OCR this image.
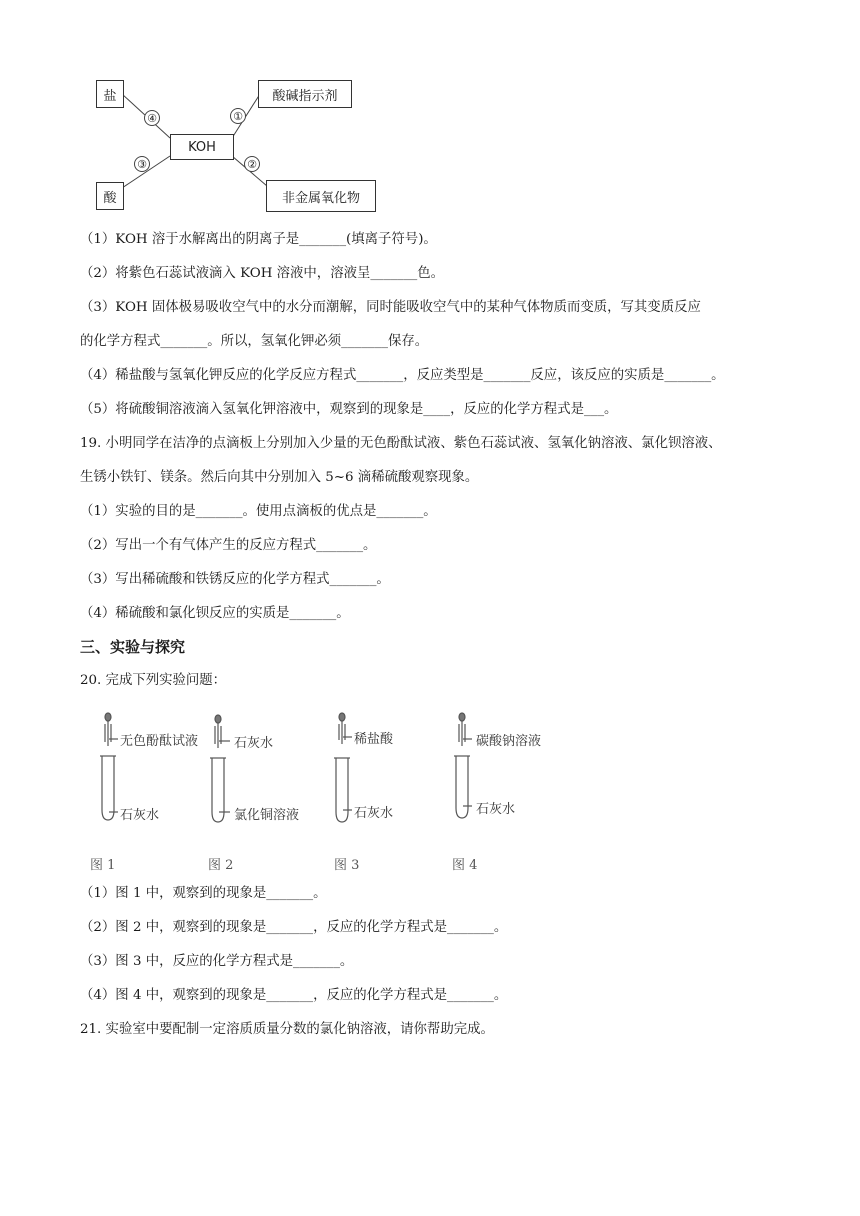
盐
酸
KOH
酸碱指示剂
非金属氧化物
④
③
①
②
（1）KOH 溶于水解离出的阴离子是_______(填离子符号)。
（2）将紫色石蕊试液滴入 KOH 溶液中，溶液呈_______色。
（3）KOH 固体极易吸收空气中的水分而潮解，同时能吸收空气中的某种气体物质而变质，写其变质反应
的化学方程式_______。所以，氢氧化钾必须_______保存。
（4）稀盐酸与氢氧化钾反应的化学反应方程式_______，反应类型是_______反应，该反应的实质是_______。
（5）将硫酸铜溶液滴入氢氧化钾溶液中，观察到的现象是____，反应的化学方程式是___。
19. 小明同学在洁净的点滴板上分别加入少量的无色酚酞试液、紫色石蕊试液、氢氧化钠溶液、氯化钡溶液、
生锈小铁钉、镁条。然后向其中分别加入 5~6 滴稀硫酸观察现象。
（1）实验的目的是_______。使用点滴板的优点是_______。
（2）写出一个有气体产生的反应方程式_______。
（3）写出稀硫酸和铁锈反应的化学方程式_______。
（4）稀硫酸和氯化钡反应的实质是_______。
三、实验与探究
20. 完成下列实验问题：
无色酚酞试液
石灰水
石灰水
氯化铜溶液
稀盐酸
石灰水
碳酸钠溶液
石灰水
图 1	图 2	图 3	图 4
（1）图 1 中，观察到的现象是_______。
（2）图 2 中，观察到的现象是_______，反应的化学方程式是_______。
（3）图 3 中，反应的化学方程式是_______。
（4）图 4 中，观察到的现象是_______，反应的化学方程式是_______。
21. 实验室中要配制一定溶质质量分数的氯化钠溶液，请你帮助完成。
